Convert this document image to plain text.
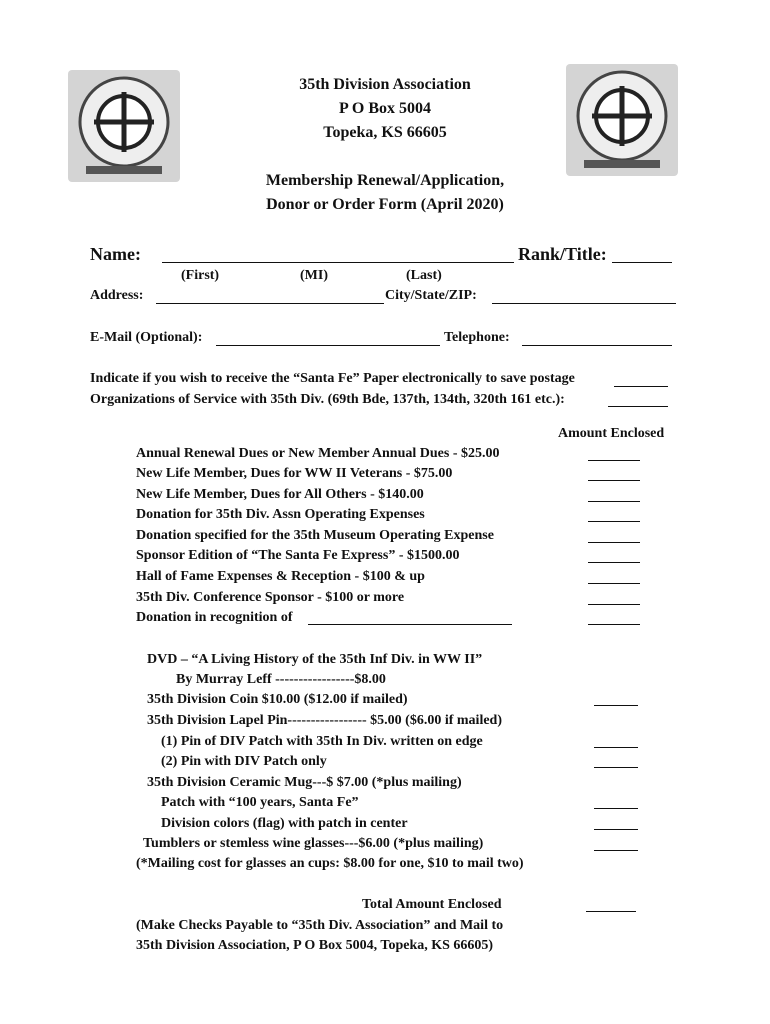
35th Division Association
P O Box 5004
Topeka, KS 66605
Membership Renewal/Application,
Donor or Order Form (April 2020)
Name:	Rank/Title:
(First)	(MI)	(Last)
Address:	City/State/ZIP:
E-Mail (Optional):	Telephone:
Indicate if you wish to receive the “Santa Fe” Paper electronically to save postage
Organizations of Service with 35th Div. (69th Bde, 137th, 134th, 320th 161 etc.):
Amount Enclosed
Annual Renewal Dues or New Member Annual Dues - $25.00
New Life Member, Dues for WW II Veterans - $75.00
New Life Member, Dues for All Others - $140.00
Donation for 35th Div. Assn Operating Expenses
Donation specified for the 35th Museum Operating Expense
Sponsor Edition of “The Santa Fe Express” - $1500.00
Hall of Fame Expenses & Reception - $100 & up
35th Div. Conference Sponsor - $100 or more
Donation in recognition of
DVD – “A Living History of the 35th Inf Div. in WW II”
By Murray Leff -----------------$8.00
35th Division Coin $10.00 ($12.00 if mailed)
35th Division Lapel Pin----------------- $5.00 ($6.00 if mailed)
(1) Pin of DIV Patch with 35th In Div. written on edge
(2) Pin with DIV Patch only
35th Division Ceramic Mug---$ $7.00 (*plus mailing)
Patch with “100 years, Santa Fe”
Division colors (flag) with patch in center
Tumblers or stemless wine glasses---$6.00 (*plus mailing)
(*Mailing cost for glasses an cups: $8.00 for one, $10 to mail two)
Total Amount Enclosed
(Make Checks Payable to “35th Div. Association” and Mail to
35th Division Association, P O Box 5004, Topeka, KS 66605)
